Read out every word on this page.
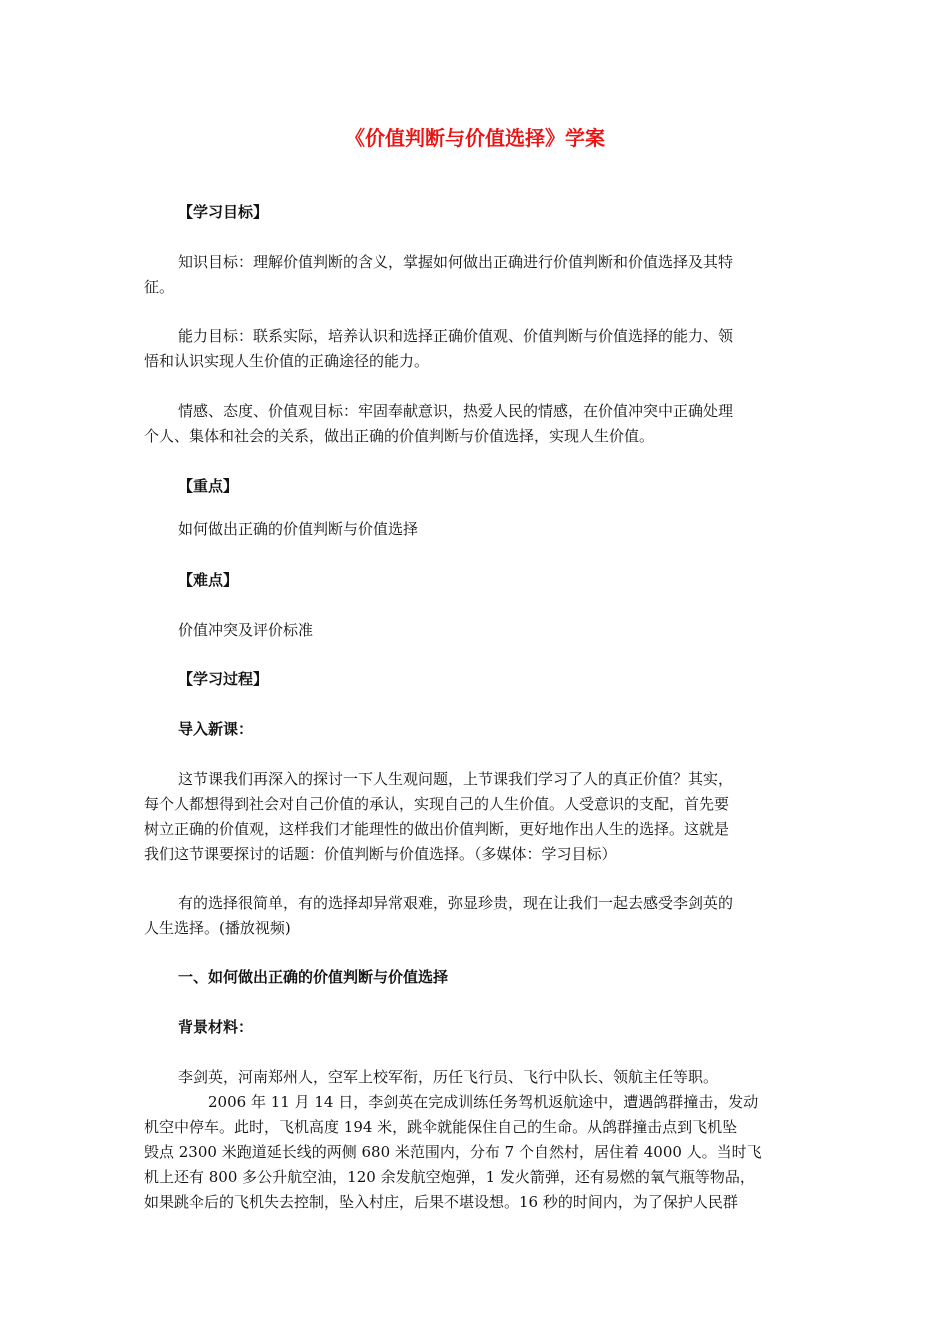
《价值判断与价值选择》学案

【学习目标】

知识目标：理解价值判断的含义，掌握如何做出正确进行价值判断和价值选择及其特

征。

能力目标：联系实际，培养认识和选择正确价值观、价值判断与价值选择的能力、领

悟和认识实现人生价值的正确途径的能力。

情感、态度、价值观目标：牢固奉献意识，热爱人民的情感，在价值冲突中正确处理

个人、集体和社会的关系，做出正确的价值判断与价值选择，实现人生价值。

【重点】

如何做出正确的价值判断与价值选择

【难点】

价值冲突及评价标准

【学习过程】

导入新课：

这节课我们再深入的探讨一下人生观问题，上节课我们学习了人的真正价值？其实，

每个人都想得到社会对自己价值的承认，实现自己的人生价值。人受意识的支配，首先要

树立正确的价值观，这样我们才能理性的做出价值判断，更好地作出人生的选择。这就是

我们这节课要探讨的话题：价值判断与价值选择。（多媒体：学习目标）

有的选择很简单，有的选择却异常艰难，弥显珍贵，现在让我们一起去感受李剑英的

人生选择。(播放视频)

一、如何做出正确的价值判断与价值选择

背景材料：

李剑英，河南郑州人，空军上校军衔，历任飞行员、飞行中队长、领航主任等职。

2006 年 11 月 14 日，李剑英在完成训练任务驾机返航途中，遭遇鸽群撞击，发动

机空中停车。此时，飞机高度 194 米，跳伞就能保住自己的生命。从鸽群撞击点到飞机坠

毁点 2300 米跑道延长线的两侧 680 米范围内，分布 7 个自然村，居住着 4000 人。当时飞

机上还有 800 多公升航空油，120 余发航空炮弹，1 发火箭弹，还有易燃的氧气瓶等物品，

如果跳伞后的飞机失去控制，坠入村庄，后果不堪设想。16 秒的时间内，为了保护人民群
